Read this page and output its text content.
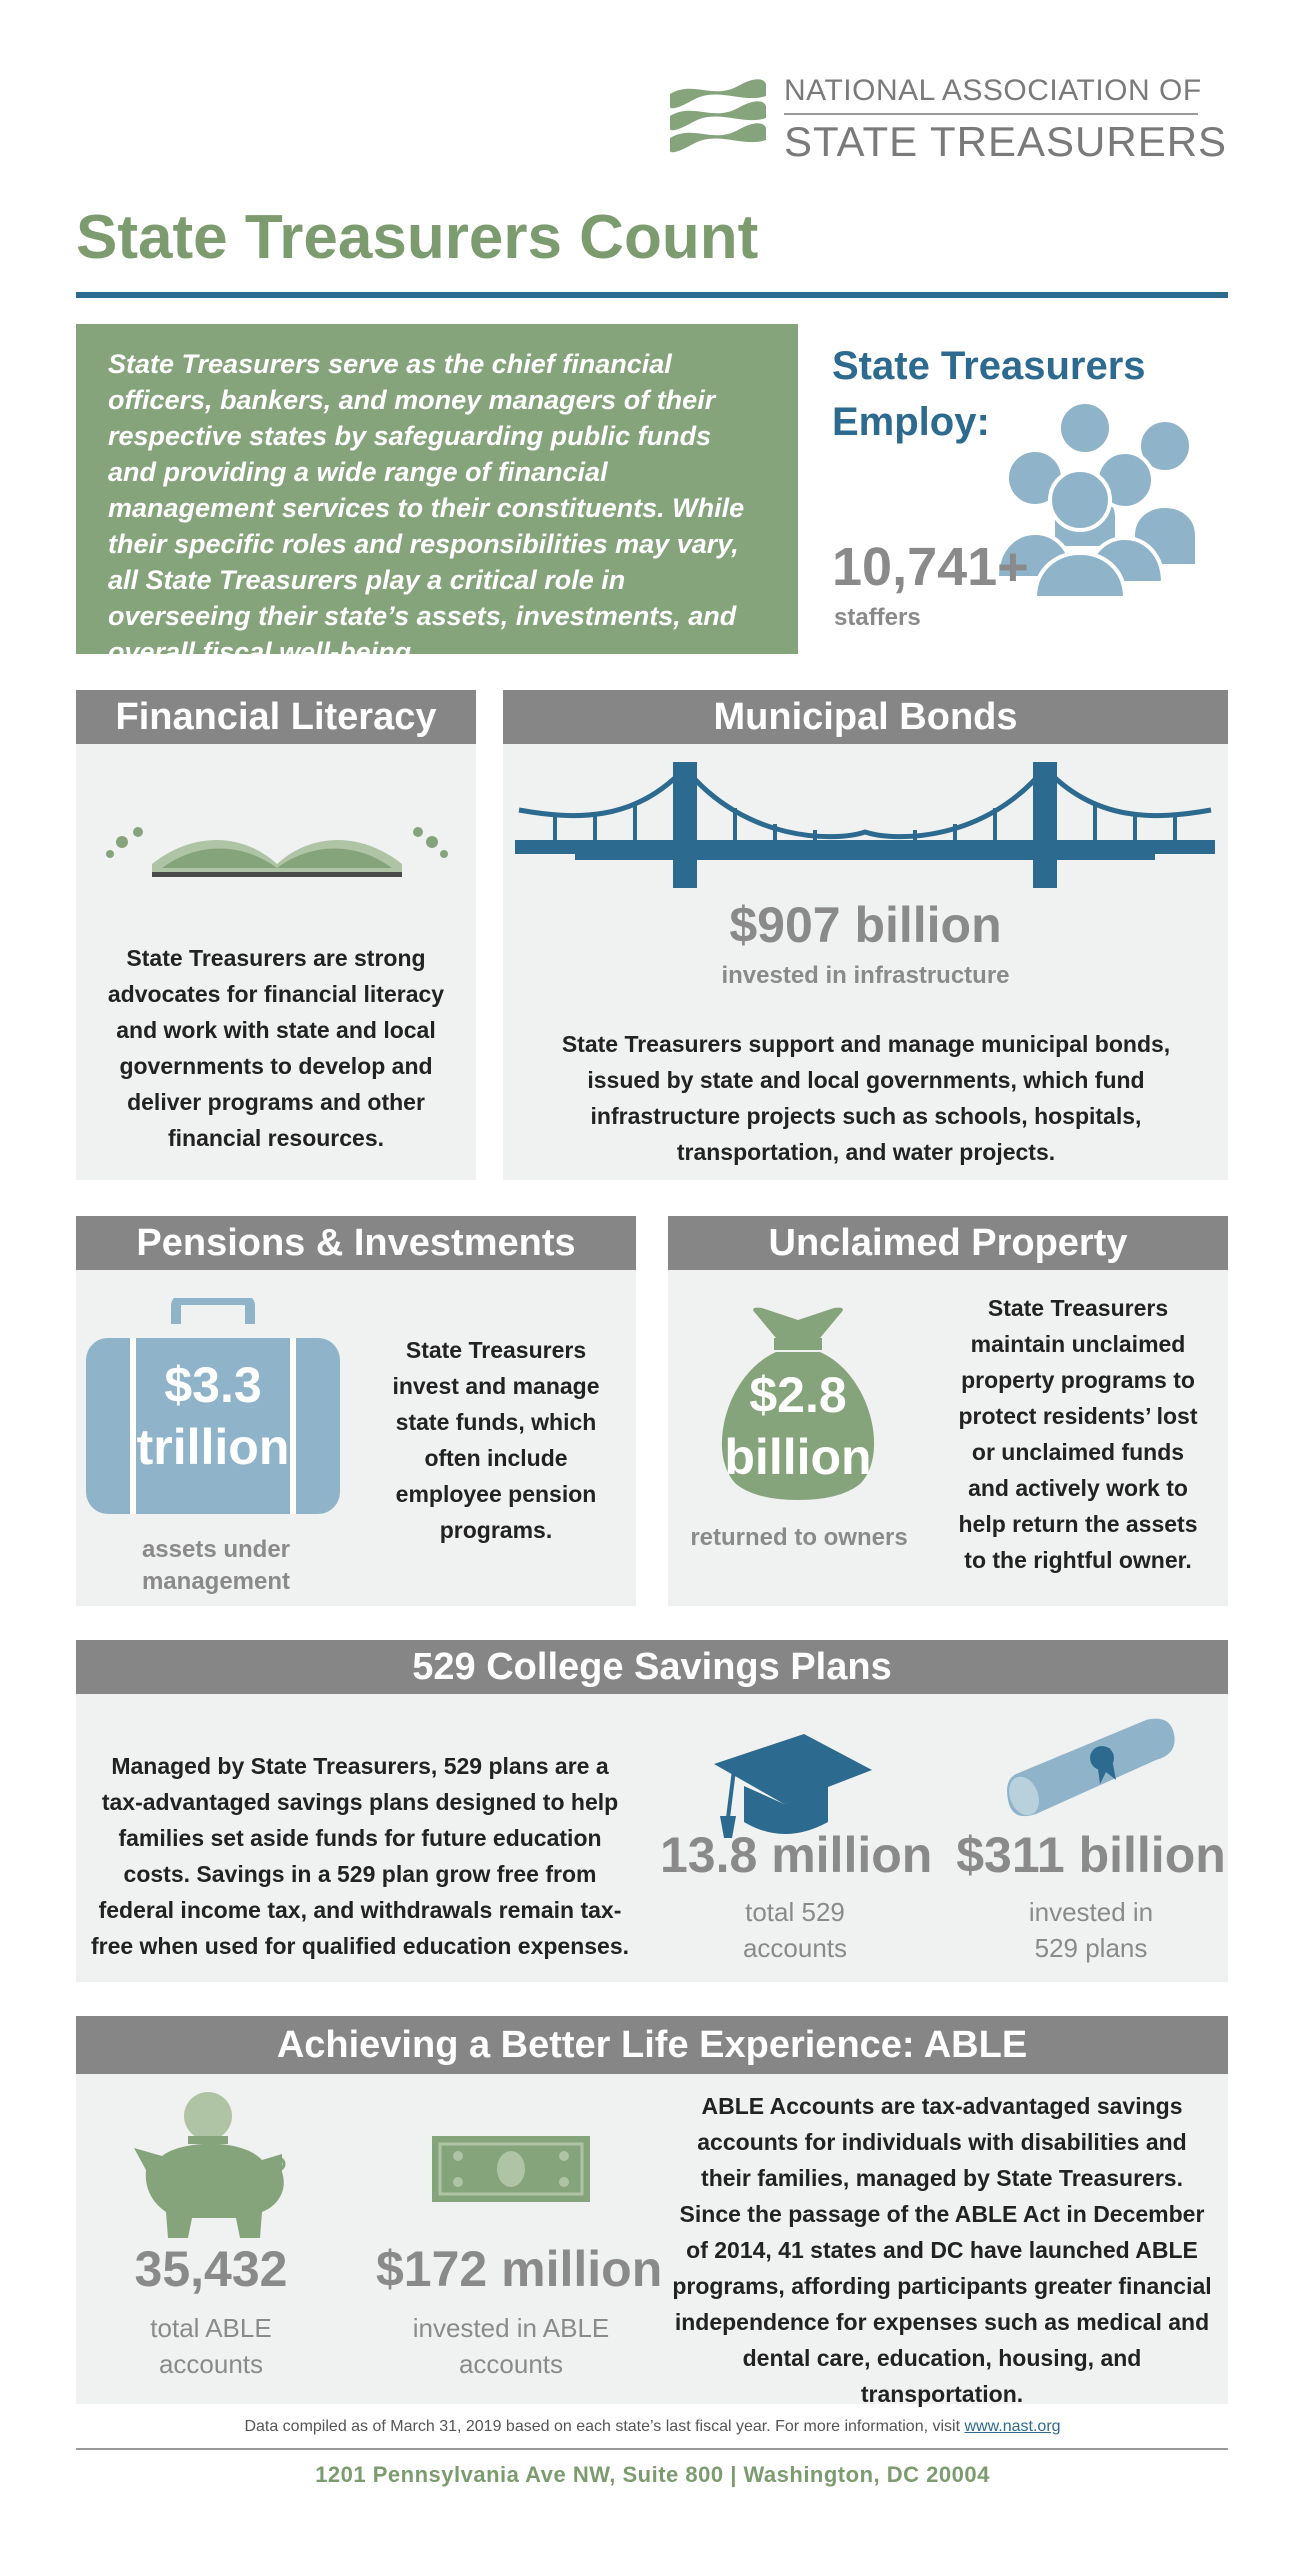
NATIONAL ASSOCIATION OF
STATE TREASURERS
State Treasurers Count

State Treasurers serve as the chief financial officers, bankers, and money managers of their respective states by safeguarding public funds and providing a wide range of financial management services to their constituents. While their specific roles and responsibilities may vary, all State Treasurers play a critical role in overseeing their state’s assets, investments, and overall fiscal well-being.

State Treasurers Employ:
10,741+
staffers
Financial Literacy

State Treasurers are strong advocates for financial literacy and work with state and local governments to develop and deliver programs and other financial resources.

Municipal Bonds
$907 billion
invested in infrastructure

State Treasurers support and manage municipal bonds, issued by state and local governments, which fund infrastructure projects such as schools, hospitals, transportation, and water projects.

Pensions & Investments
$3.3
trillion
assets under management

State Treasurers invest and manage state funds, which often include employee pension programs.

Unclaimed Property
$2.8
billion
returned to owners

State Treasurers maintain unclaimed property programs to protect residents’ lost or unclaimed funds and actively work to help return the assets to the rightful owner.

529 College Savings Plans

Managed by State Treasurers, 529 plans are a tax-advantaged savings plans designed to help families set aside funds for future education costs. Savings in a 529 plan grow free from federal income tax, and withdrawals remain tax-free when used for qualified education expenses.

13.8 million
total 529 accounts
$311 billion
invested in 529 plans
Achieving a Better Life Experience: ABLE
35,432
total ABLE accounts
$172 million
invested in ABLE accounts

ABLE Accounts are tax-advantaged savings accounts for individuals with disabilities and their families, managed by State Treasurers. Since the passage of the ABLE Act in December of 2014, 41 states and DC have launched ABLE programs, affording participants greater financial independence for expenses such as medical and dental care, education, housing, and transportation.

Data compiled as of March 31, 2019 based on each state’s last fiscal year. For more information, visit www.nast.org
1201 Pennsylvania Ave NW, Suite 800 | Washington, DC 20004
